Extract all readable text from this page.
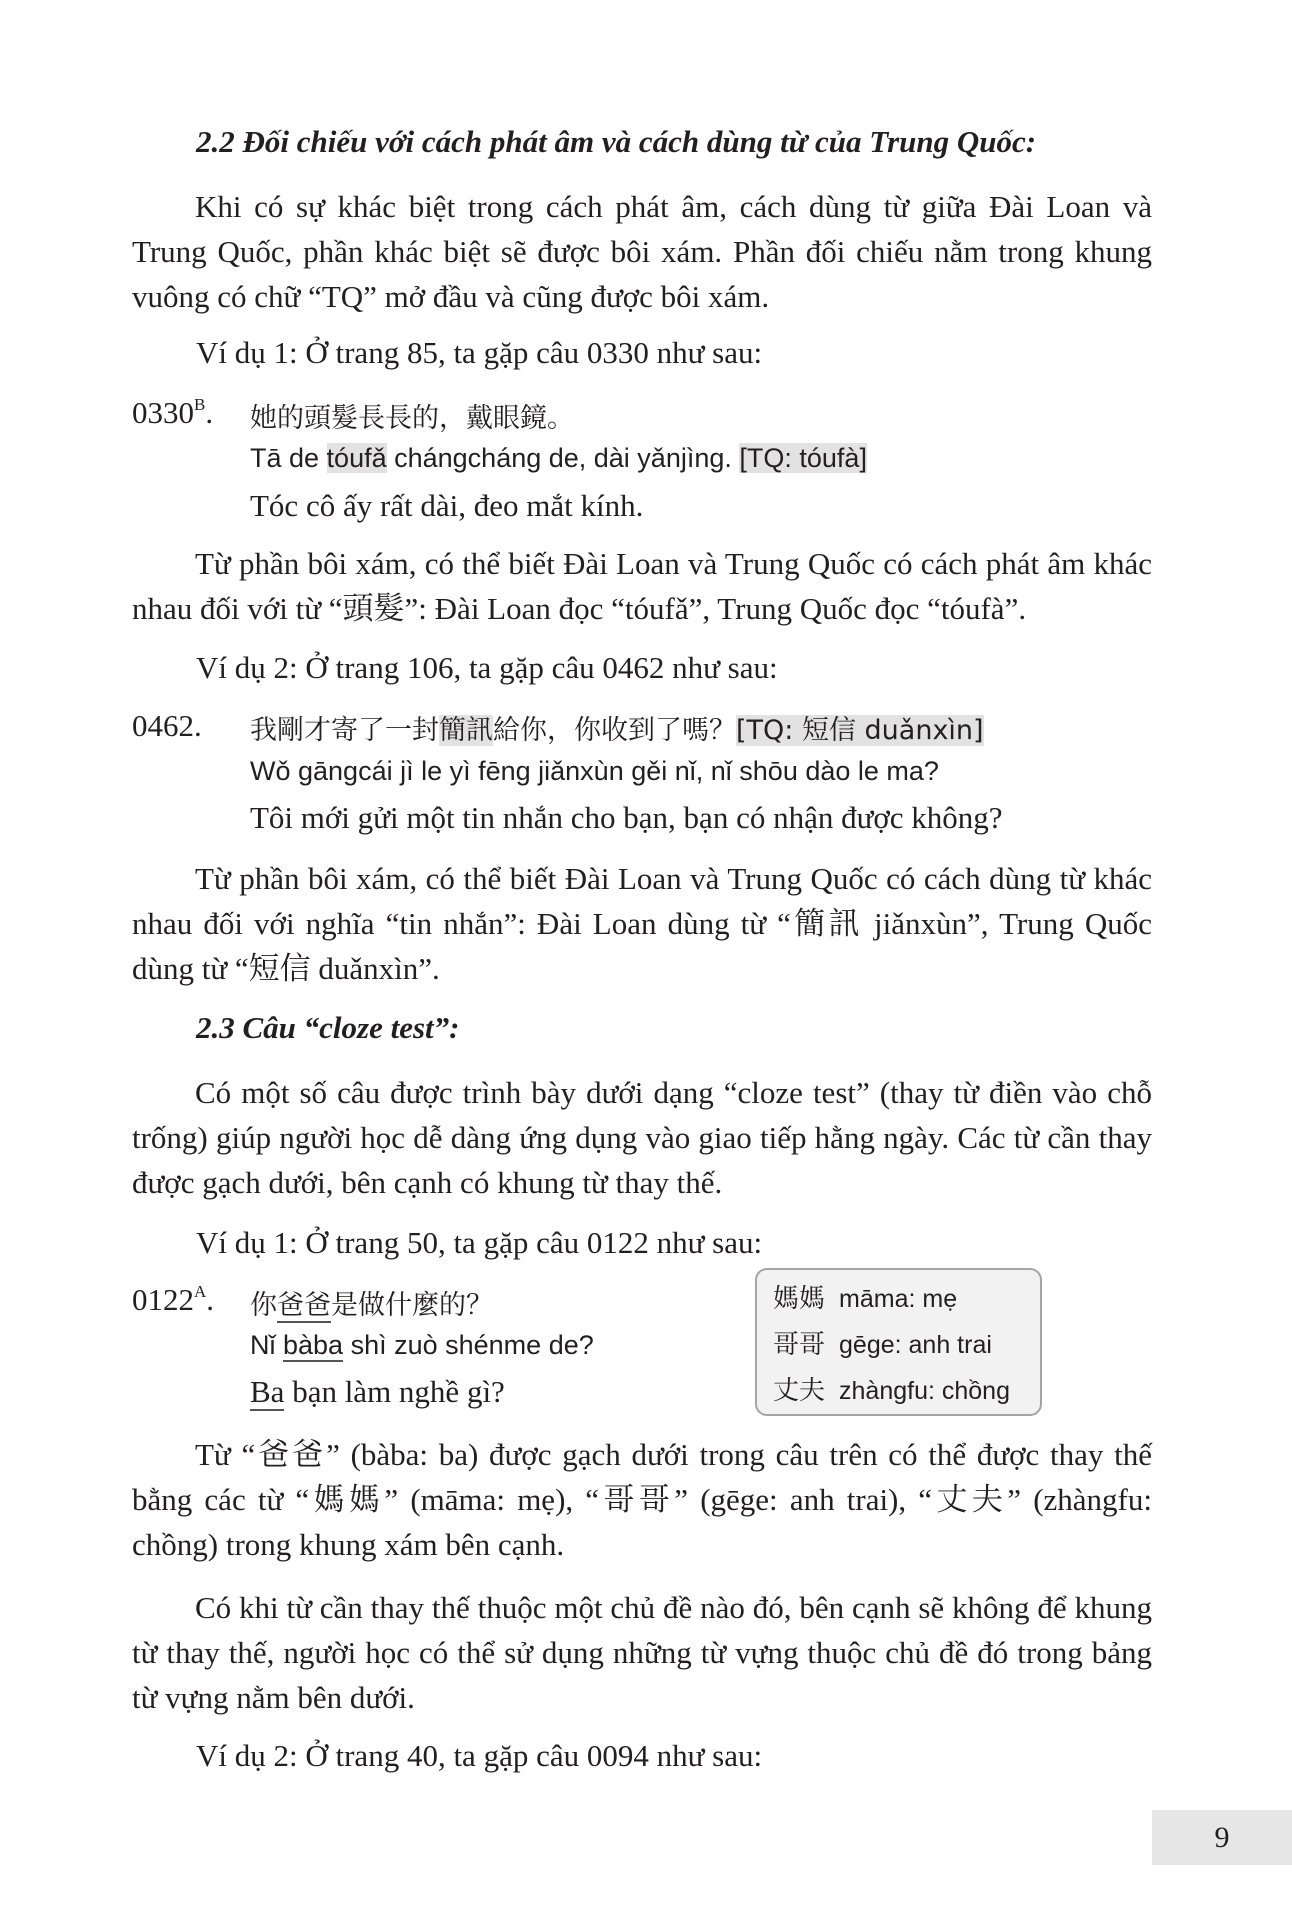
2.2 Đối chiếu với cách phát âm và cách dùng từ của Trung Quốc:
Khi có sự khác biệt trong cách phát âm, cách dùng từ giữa Đài Loan và Trung Quốc, phần khác biệt sẽ được bôi xám. Phần đối chiếu nằm trong khung vuông có chữ “TQ” mở đầu và cũng được bôi xám.
Ví dụ 1: Ở trang 85, ta gặp câu 0330 như sau:
$0330^B$. 她的頭髮長長的，戴眼鏡。
Tā de tóufǎ chángcháng de, dài yǎnjìng. [TQ: tóufà]
Tóc cô ấy rất dài, đeo mắt kính.
Từ phần bôi xám, có thể biết Đài Loan và Trung Quốc có cách phát âm khác nhau đối với từ “頭髮”: Đài Loan đọc “tóufǎ”, Trung Quốc đọc “tóufà”.
Ví dụ 2: Ở trang 106, ta gặp câu 0462 như sau:
0462. 我剛才寄了一封簡訊給你，你收到了嗎？[TQ: 短信 duǎnxìn]
Wǒ gāngcái jì le yì fēng jiǎnxùn gěi nǐ, nǐ shōu dào le ma?
Tôi mới gửi một tin nhắn cho bạn, bạn có nhận được không?
Từ phần bôi xám, có thể biết Đài Loan và Trung Quốc có cách dùng từ khác nhau đối với nghĩa “tin nhắn”: Đài Loan dùng từ “簡訊 jiǎnxùn”, Trung Quốc dùng từ “短信 duǎnxìn”.
2.3 Câu “cloze test”:
Có một số câu được trình bày dưới dạng “cloze test” (thay từ điền vào chỗ trống) giúp người học dễ dàng ứng dụng vào giao tiếp hằng ngày. Các từ cần thay được gạch dưới, bên cạnh có khung từ thay thế.
Ví dụ 1: Ở trang 50, ta gặp câu 0122 như sau:
$0122^A$. 你爸爸是做什麼的？
Nǐ bàba shì zuò shénme de?
Ba bạn làm nghề gì?
媽媽 māma: mẹ
哥哥 gēge: anh trai
丈夫 zhàngfu: chồng
Từ “爸爸” (bàba: ba) được gạch dưới trong câu trên có thể được thay thế bằng các từ “媽媽” (māma: mẹ), “哥哥” (gēge: anh trai), “丈夫” (zhàngfu: chồng) trong khung xám bên cạnh.
Có khi từ cần thay thế thuộc một chủ đề nào đó, bên cạnh sẽ không để khung từ thay thế, người học có thể sử dụng những từ vựng thuộc chủ đề đó trong bảng từ vựng nằm bên dưới.
Ví dụ 2: Ở trang 40, ta gặp câu 0094 như sau:
9
